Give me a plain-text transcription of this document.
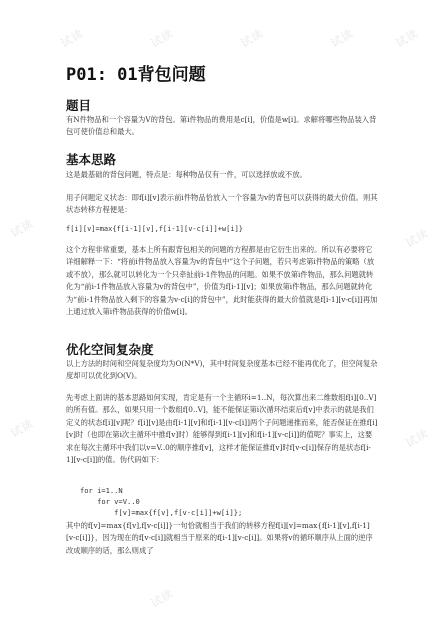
试读	试读	试读	试读	试读
试读	试读
试读	试读
试读
P01: 01背包问题
题目

有N件物品和一个容量为V的背包。第i件物品的费用是c[i]，价值是w[i]。求解将哪些物品装入背包可使价值总和最大。

基本思路

这是最基础的背包问题，特点是：每种物品仅有一件，可以选择放或不放。

用子问题定义状态：即f[i][v]表示前i件物品恰放入一个容量为v的背包可以获得的最大价值。则其状态转移方程便是：

f[i][v]=max{f[i-1][v],f[i-1][v-c[i]]+w[i]}

这个方程非常重要，基本上所有跟背包相关的问题的方程都是由它衍生出来的。所以有必要将它详细解释一下：“将前i件物品放入容量为v的背包中”这个子问题，若只考虑第i件物品的策略（放或不放），那么就可以转化为一个只牵扯前i-1件物品的问题。如果不放第i件物品，那么问题就转化为“前i-1件物品放入容量为v的背包中”，价值为f[i-1][v]；如果放第i件物品，那么问题就转化为“前i-1件物品放入剩下的容量为v-c[i]的背包中”，此时能获得的最大价值就是f[i-1][v-c[i]]再加上通过放入第i件物品获得的价值w[i]。

优化空间复杂度

以上方法的时间和空间复杂度均为O(N*V)，其中时间复杂度基本已经不能再优化了，但空间复杂度却可以优化到O(V)。

先考虑上面讲的基本思路如何实现，肯定是有一个主循环i=1..N，每次算出来二维数组f[i][0..V]的所有值。那么，如果只用一个数组f[0..V]，能不能保证第i次循环结束后f[v]中表示的就是我们定义的状态f[i][v]呢？f[i][v]是由f[i-1][v]和f[i-1][v-c[i]]两个子问题递推而来，能否保证在推f[i][v]时（也即在第i次主循环中推f[v]时）能够得到f[i-1][v]和f[i-1][v-c[i]]的值呢？事实上，这要求在每次主循环中我们以v=V..0的顺序推f[v]，这样才能保证推f[v]时f[v-c[i]]保存的是状态f[i-1][v-c[i]]的值。伪代码如下：

for i=1..N
for v=V..0
f[v]=max{f[v],f[v-c[i]]+w[i]};

其中的f[v]=max{f[v],f[v-c[i]]}一句恰就相当于我们的转移方程f[i][v]=max{f[i-1][v],f[i-1][v-c[i]]}，因为现在的f[v-c[i]]就相当于原来的f[i-1][v-c[i]]。如果将v的循环顺序从上面的逆序改成顺序的话，那么则成了
